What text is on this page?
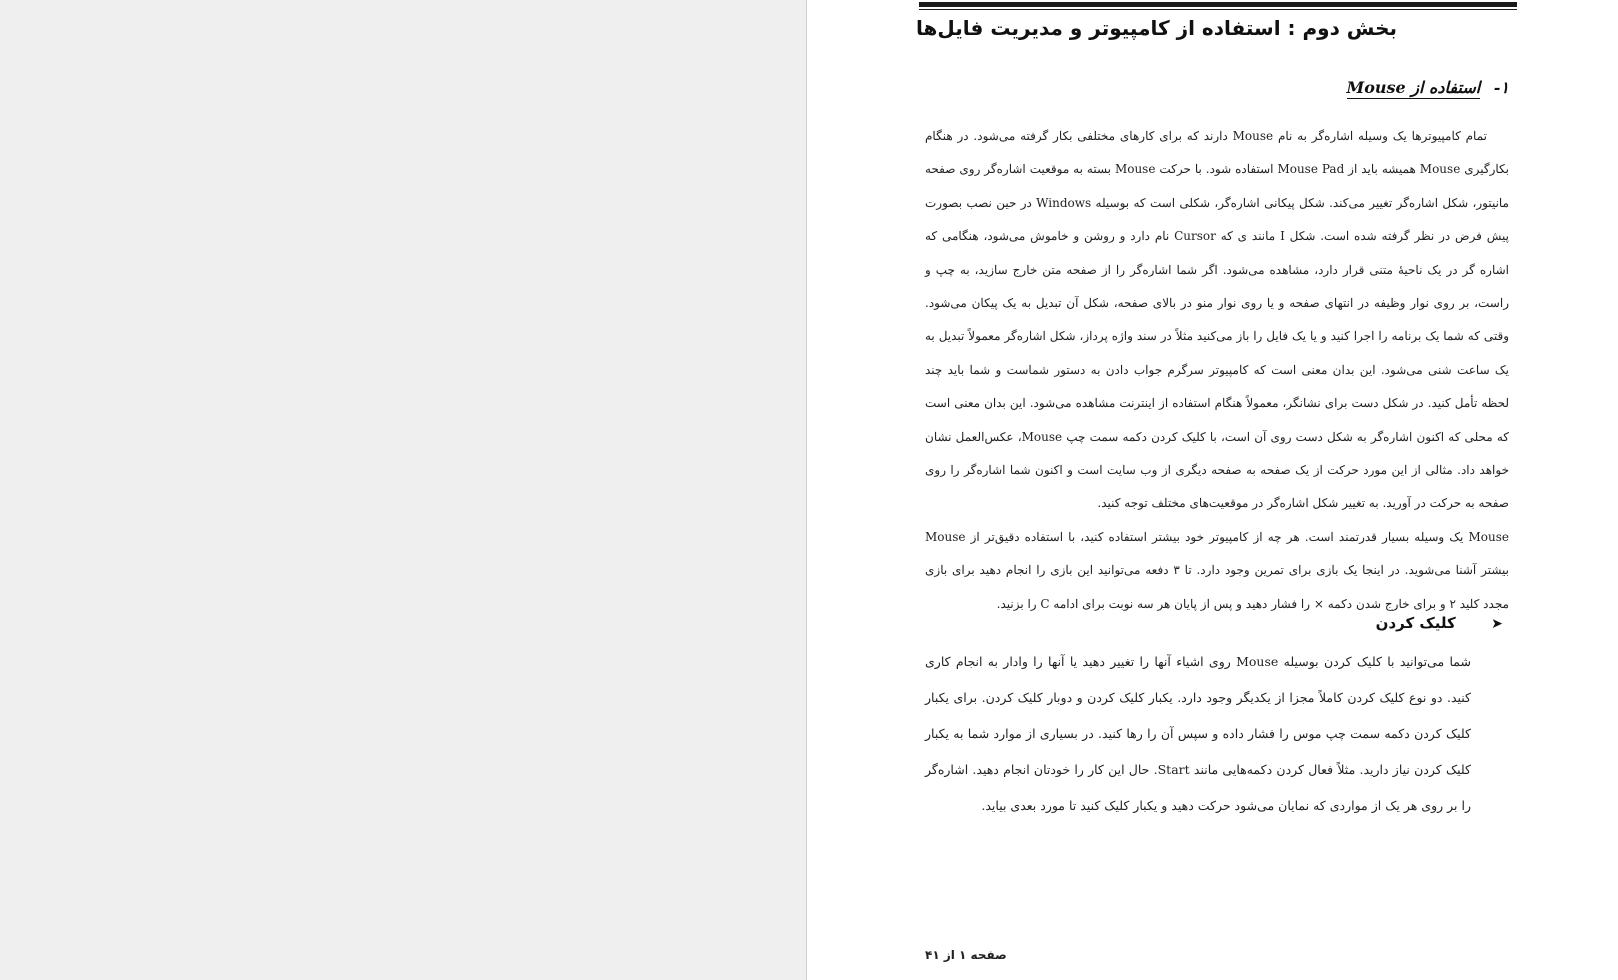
بخش دوم : استفاده از کامپیوتر و مدیریت فایل‌ها
۱- استفاده از Mouse

تمام کامپیوترها یک وسیله اشاره‌گر به نام Mouse دارند که برای کارهای مختلفی بکار گرفته می‌شود. در هنگام بکارگیری Mouse همیشه باید از Mouse Pad استفاده شود. با حرکت Mouse بسته به موقعیت اشاره‌گر روی صفحه مانیتور، شکل اشاره‌گر تغییر می‌کند. شکل پیکانی اشاره‌گر، شکلی است که بوسیله Windows در حین نصب بصورت پیش فرض در نظر گرفته شده است. شکل I مانند ی که Cursor نام دارد و روشن و خاموش می‌شود، هنگامی که اشاره گر در یک ناحیهٔ متنی قرار دارد، مشاهده می‌شود. اگر شما اشاره‌گر را از صفحه متن خارج سازید، به چپ و راست، بر روی نوار وظیفه در انتهای صفحه و یا روی نوار منو در بالای صفحه، شکل آن تبدیل به یک پیکان می‌شود. وقتی که شما یک برنامه را اجرا کنید و یا یک فایل را باز می‌کنید مثلاً در سند واژه پرداز، شکل اشاره‌گر معمولاً تبدیل به یک ساعت شنی می‌شود. این بدان معنی است که کامپیوتر سرگرم جواب دادن به دستور شماست و شما باید چند لحظه تأمل کنید. در شکل دست برای نشانگر، معمولاً هنگام استفاده از اینترنت مشاهده می‌شود. این بدان معنی است که محلی که اکنون اشاره‌گر به شکل دست روی آن است، با کلیک کردن دکمه سمت چپ Mouse، عکس‌العمل نشان خواهد داد. مثالی از این مورد حرکت از یک صفحه به صفحه دیگری از وب سایت است و اکنون شما اشاره‌گر را روی صفحه به حرکت در آورید. به تغییر شکل اشاره‌گر در موقعیت‌های مختلف توجه کنید.

Mouse یک وسیله بسیار قدرتمند است. هر چه از کامپیوتر خود بیشتر استفاده کنید، با استفاده دقیق‌تر از Mouse بیشتر آشنا می‌شوید. در اینجا یک بازی برای تمرین وجود دارد. تا ۳ دفعه می‌توانید این بازی را انجام دهید برای بازی مجدد کلید ۲ و برای خارج شدن دکمه × را فشار دهید و پس از پایان هر سه نوبت برای ادامه C را بزنید.

➤ کلیک کردن

شما می‌توانید با کلیک کردن بوسیله Mouse روی اشیاء آنها را تغییر دهید یا آنها را وادار به انجام کاری کنید. دو نوع کلیک کردن کاملاً مجزا از یکدیگر وجود دارد. یکبار کلیک کردن و دوبار کلیک کردن. برای یکبار کلیک کردن دکمه سمت چپ موس را فشار داده و سپس آن را رها کنید. در بسیاری از موارد شما به یکبار کلیک کردن نیاز دارید. مثلاً فعال کردن دکمه‌هایی مانند Start. حال این کار را خودتان انجام دهید. اشاره‌گر را بر روی هر یک از مواردی که نمایان می‌شود حرکت دهید و یکبار کلیک کنید تا مورد بعدی بیاید.

صفحه ۱ از ۴۱
